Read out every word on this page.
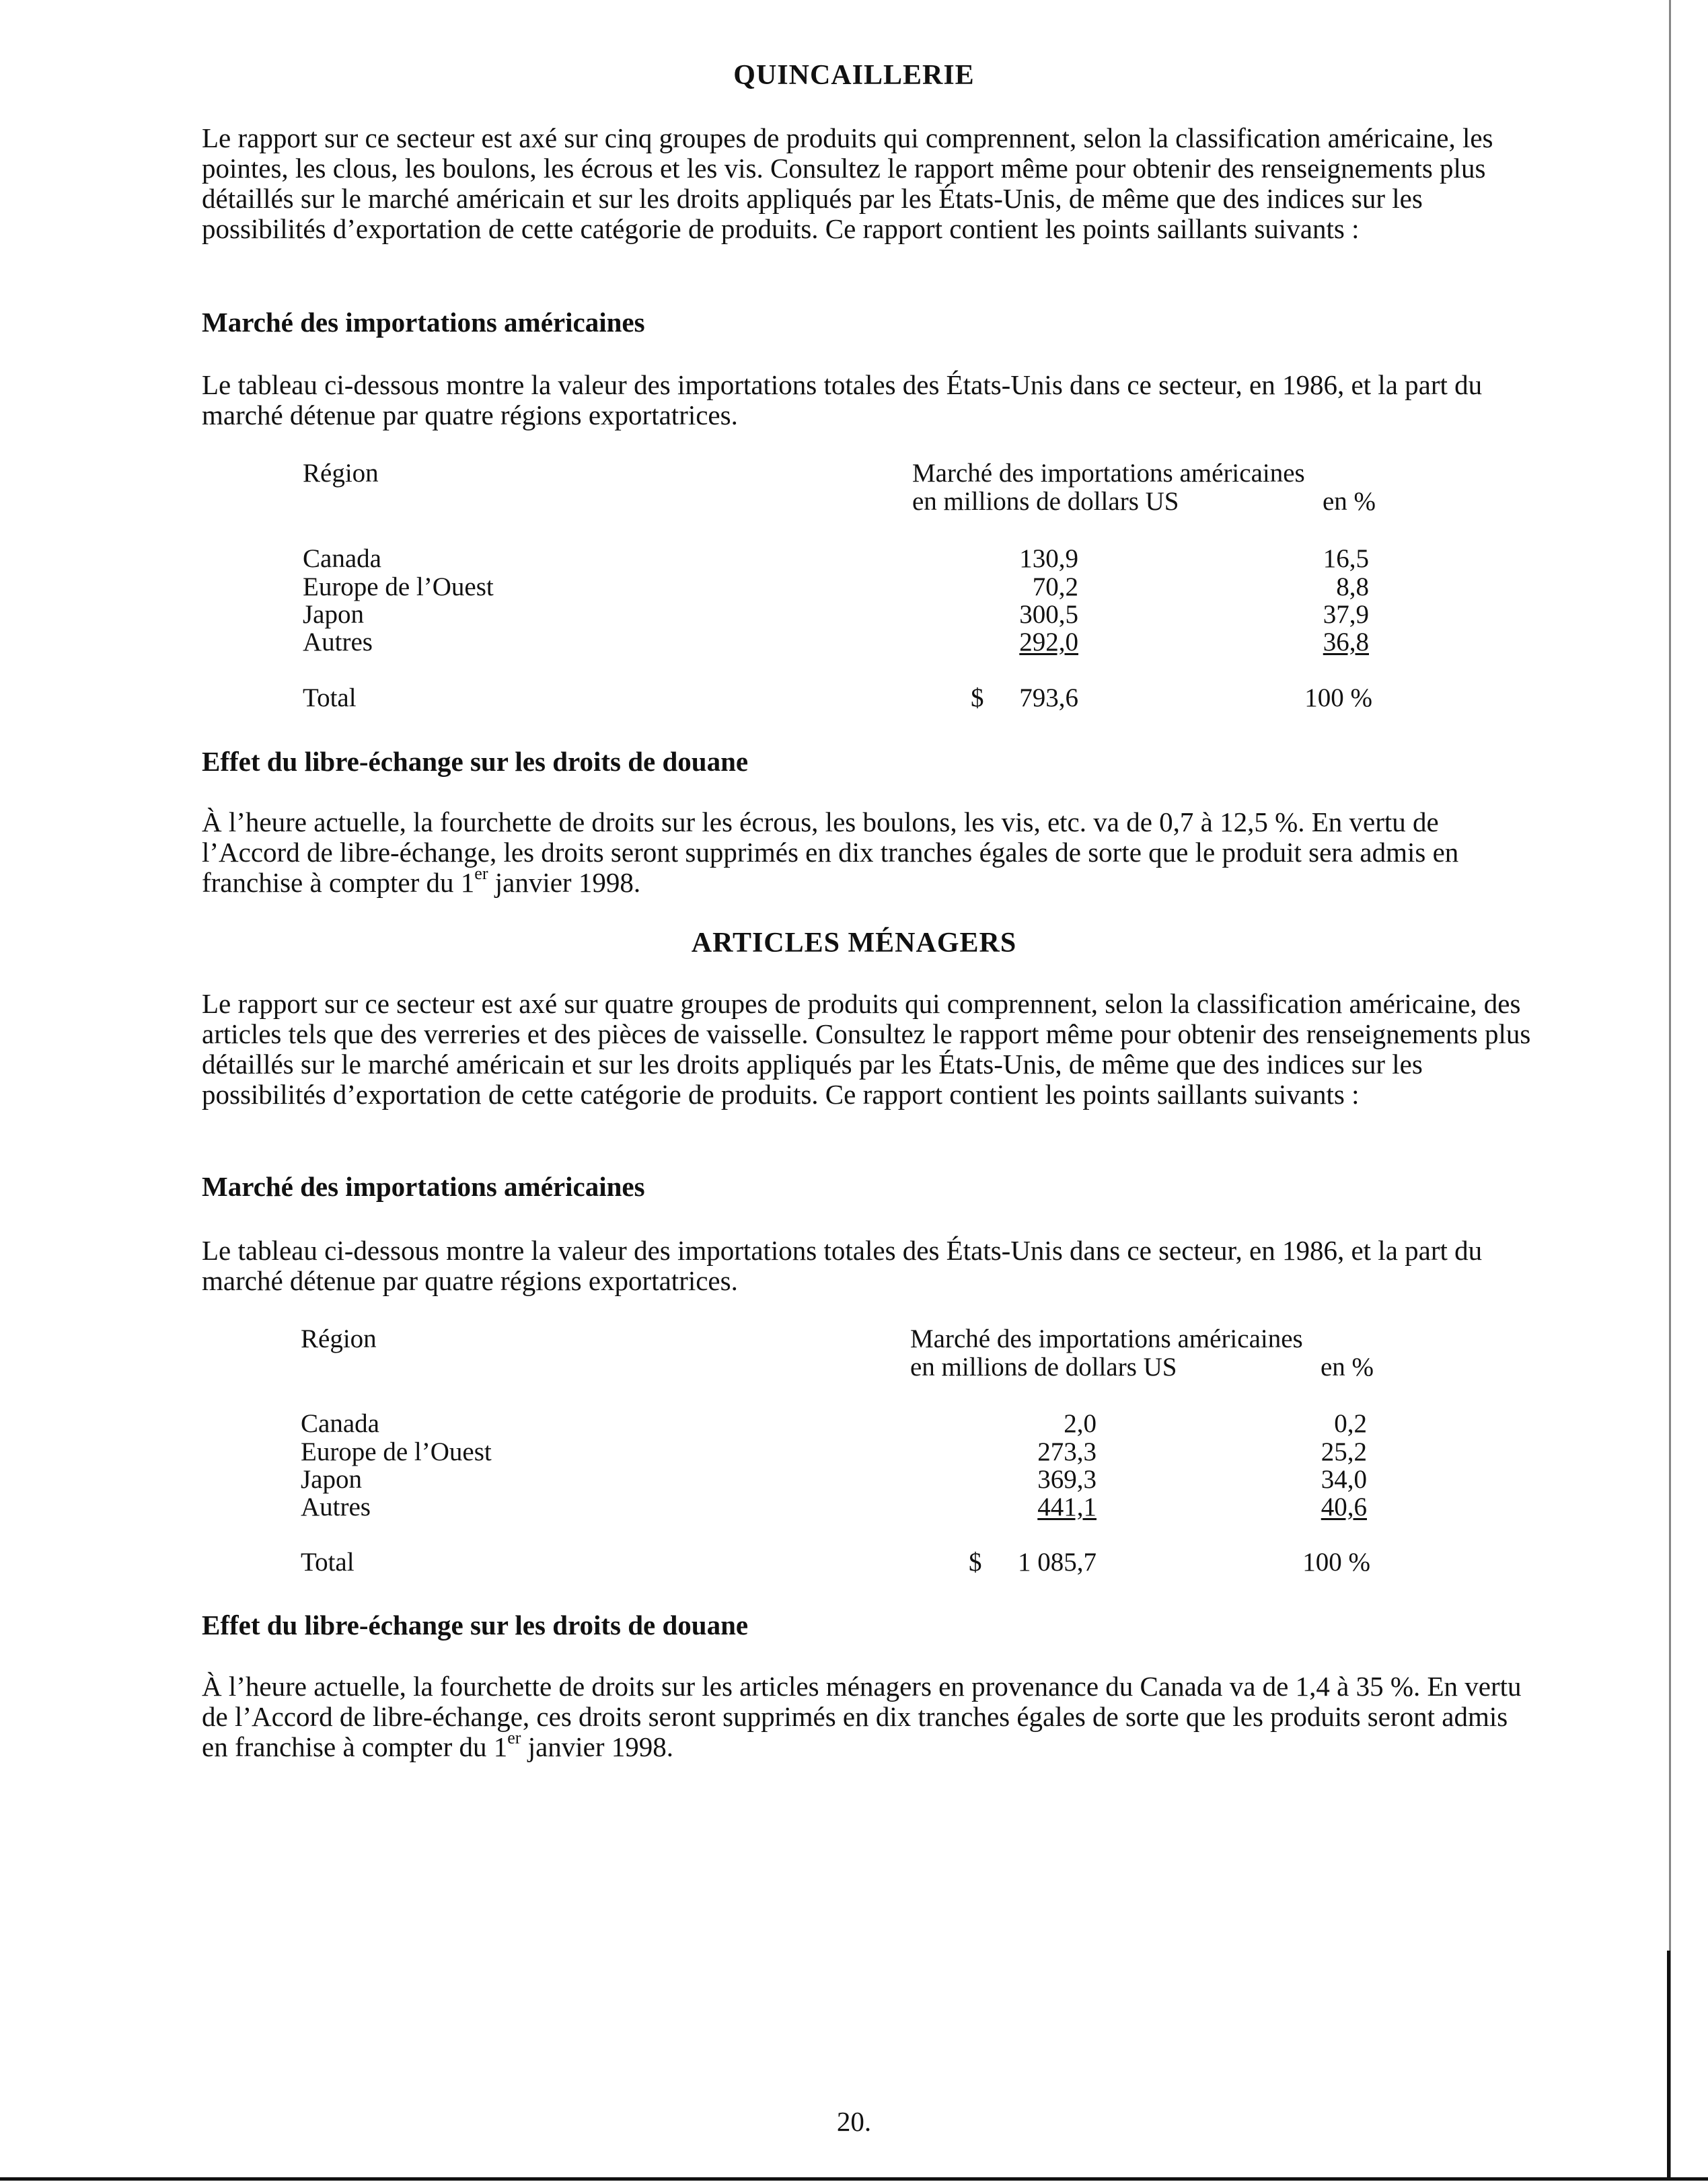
QUINCAILLERIE
Le rapport sur ce secteur est axé sur cinq groupes de produits qui comprennent, selon la classification américaine, les pointes, les clous, les boulons, les écrous et les vis. Consultez le rapport même pour obtenir des renseignements plus détaillés sur le marché américain et sur les droits appliqués par les États-Unis, de même que des indices sur les possibilités d’exportation de cette catégorie de produits. Ce rapport contient les points saillants suivants :
Marché des importations américaines
Le tableau ci-dessous montre la valeur des importations totales des États-Unis dans ce secteur, en 1986, et la part du marché détenue par quatre régions exportatrices.
Région	Marché des importations américaines
en millions de dollars US	en %
Canada	130,9	16,5
Europe de l’Ouest	70,2	8,8
Japon	300,5	37,9
Autres	292,0	36,8
Total	$	793,6	100 %
Effet du libre-échange sur les droits de douane
À l’heure actuelle, la fourchette de droits sur les écrous, les boulons, les vis, etc. va de 0,7 à 12,5 %. En vertu de l’Accord de libre-échange, les droits seront supprimés en dix tranches égales de sorte que le produit sera admis en franchise à compter du 1er janvier 1998.
ARTICLES MÉNAGERS
Le rapport sur ce secteur est axé sur quatre groupes de produits qui comprennent, selon la classification américaine, des articles tels que des verreries et des pièces de vaisselle. Consultez le rapport même pour obtenir des renseignements plus détaillés sur le marché américain et sur les droits appliqués par les États-Unis, de même que des indices sur les possibilités d’exportation de cette catégorie de produits. Ce rapport contient les points saillants suivants :
Marché des importations américaines
Le tableau ci-dessous montre la valeur des importations totales des États-Unis dans ce secteur, en 1986, et la part du marché détenue par quatre régions exportatrices.
Région	Marché des importations américaines
en millions de dollars US	en %
Canada	2,0	0,2
Europe de l’Ouest	273,3	25,2
Japon	369,3	34,0
Autres	441,1	40,6
Total	$	1 085,7	100 %
Effet du libre-échange sur les droits de douane
À l’heure actuelle, la fourchette de droits sur les articles ménagers en provenance du Canada va de 1,4 à 35 %. En vertu de l’Accord de libre-échange, ces droits seront supprimés en dix tranches égales de sorte que les produits seront admis en franchise à compter du 1er janvier 1998.
20.
